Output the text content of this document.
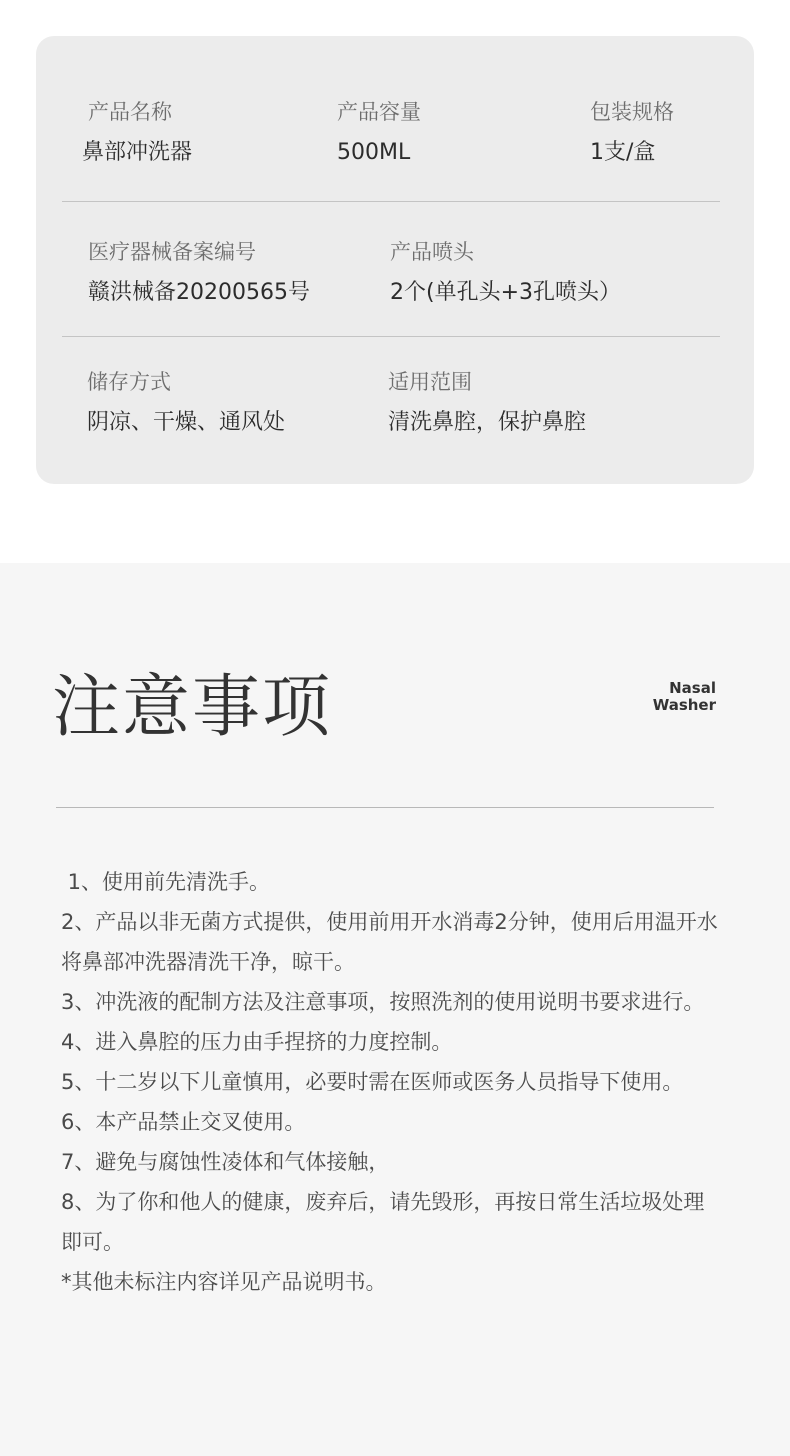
产品名称
鼻部冲洗器
产品容量
500ML
包装规格
1支/盒
医疗器械备案编号
赣洪械备20200565号
产品喷头
2个(单孔头+3孔喷头）
储存方式
阴凉、干燥、通风处
适用范围
清洗鼻腔，保护鼻腔
注意事项	Nasal
Washer
1、使用前先清洗手。
2、产品以非无菌方式提供，使用前用开水消毒2分钟，使用后用温开水将鼻部冲洗器清洗干净，晾干。
3、冲洗液的配制方法及注意事项，按照洗剂的使用说明书要求进行。
4、进入鼻腔的压力由手捏挤的力度控制。
5、十二岁以下儿童慎用，必要时需在医师或医务人员指导下使用。
6、本产品禁止交叉使用。
7、避免与腐蚀性凌体和气体接触，
8、为了你和他人的健康，废弃后，请先毁形，再按日常生活垃圾处理即可。
*其他未标注内容详见产品说明书。
